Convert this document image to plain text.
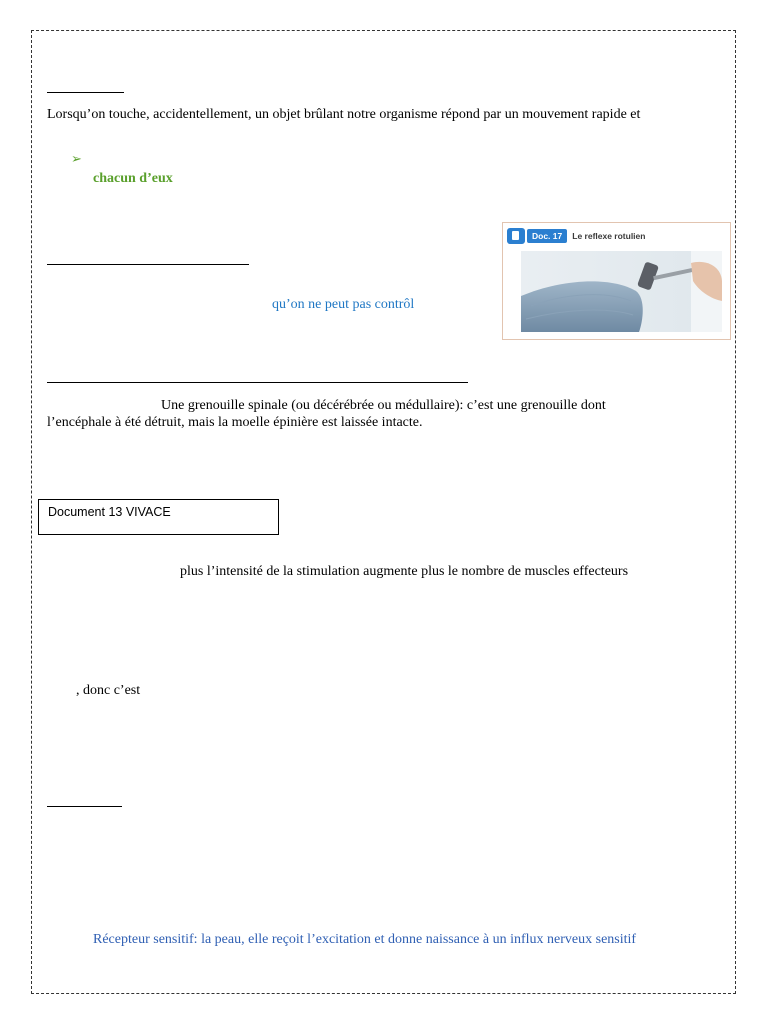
Lorsqu’on touche, accidentellement, un objet brûlant notre organisme répond par un mouvement rapide et
➢
chacun d’eux
qu’on ne peut pas contrôl
Doc. 17	Le reflexe rotulien
Une grenouille spinale (ou décérébrée ou médullaire): c’est une grenouille dont
l’encéphale à été détruit, mais la moelle épinière est laissée intacte.
Document 13 VIVACE
plus l’intensité de la stimulation augmente plus le nombre de muscles effecteurs
, donc c’est
Récepteur sensitif: la peau, elle reçoit l’excitation et donne naissance à un influx nerveux sensitif
